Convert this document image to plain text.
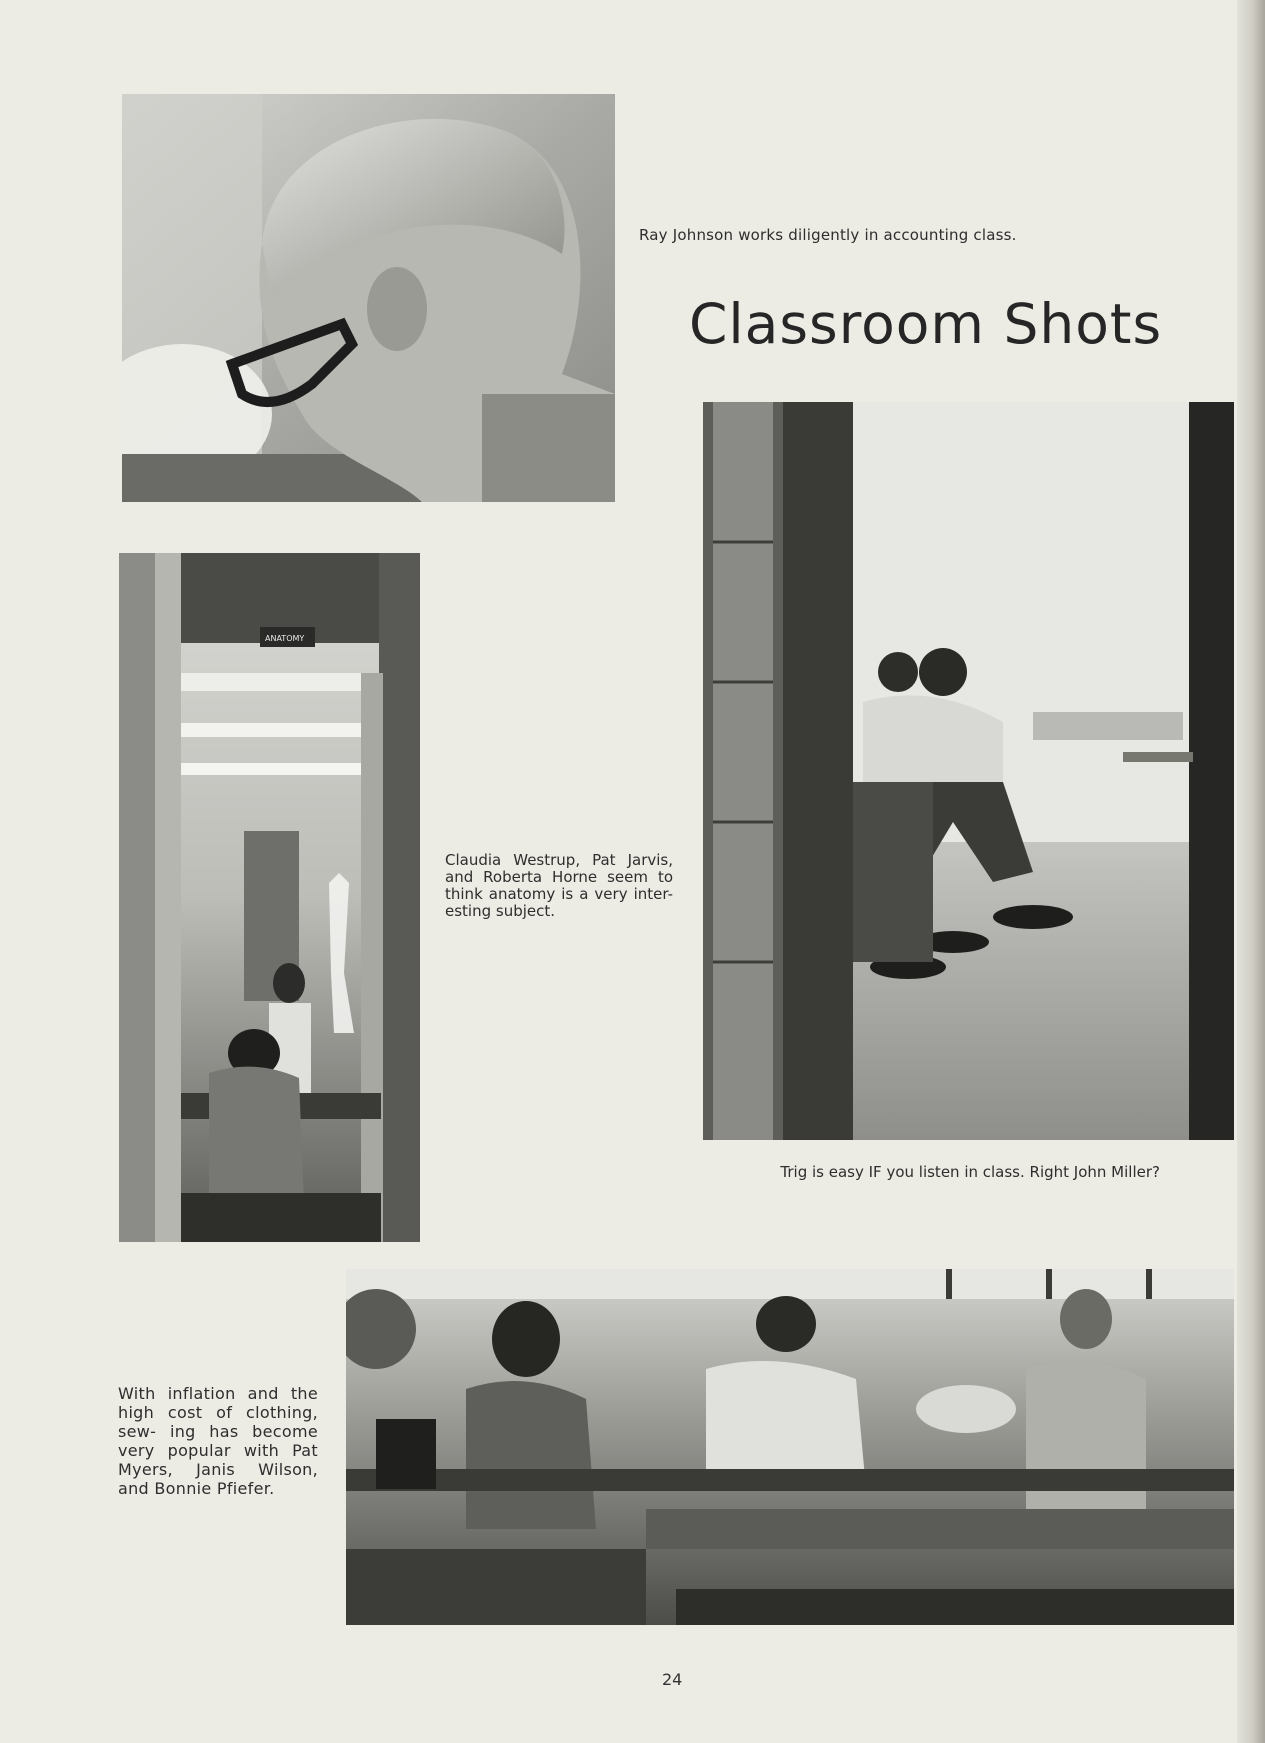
Classroom Shots

Ray Johnson works diligently in accounting class.

ANATOMY

Claudia Westrup, Pat Jarvis, and Roberta Horne seem to think anatomy is a very inter- esting subject.

Trig is easy IF you listen in class. Right John Miller?

With inflation and the high cost of clothing, sew- ing has become very popular with Pat Myers, Janis Wilson, and Bonnie Pfiefer.

24
